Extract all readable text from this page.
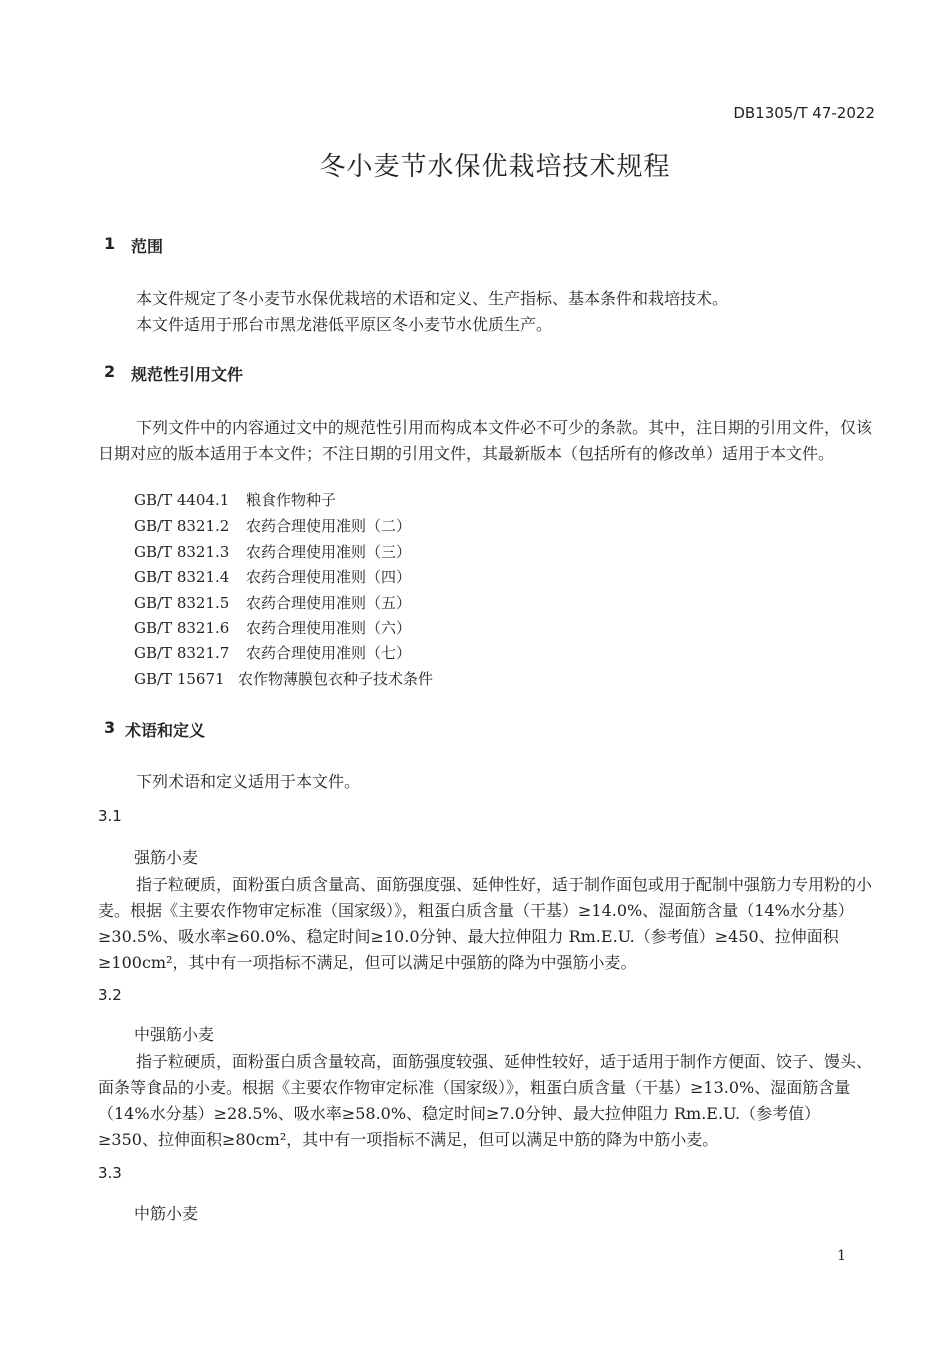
DB1305/T 47-2022
冬小麦节水保优栽培技术规程
1 范围
本文件规定了冬小麦节水保优栽培的术语和定义、生产指标、基本条件和栽培技术。
本文件适用于邢台市黑龙港低平原区冬小麦节水优质生产。
2 规范性引用文件
下列文件中的内容通过文中的规范性引用而构成本文件必不可少的条款。其中，注日期的引用文件，仅该日期对应的版本适用于本文件；不注日期的引用文件，其最新版本（包括所有的修改单）适用于本文件。
GB/T 4404.1 粮食作物种子
GB/T 8321.2 农药合理使用准则（二）
GB/T 8321.3 农药合理使用准则（三）
GB/T 8321.4 农药合理使用准则（四）
GB/T 8321.5 农药合理使用准则（五）
GB/T 8321.6 农药合理使用准则（六）
GB/T 8321.7 农药合理使用准则（七）
GB/T 15671 农作物薄膜包衣种子技术条件
3 术语和定义
下列术语和定义适用于本文件。
3.1
强筋小麦
指子粒硬质，面粉蛋白质含量高、面筋强度强、延伸性好，适于制作面包或用于配制中强筋力专用粉的小麦。根据《主要农作物审定标准（国家级）》，粗蛋白质含量（干基）≥14.0%、湿面筋含量（14%水分基）≥30.5%、吸水率≥60.0%、稳定时间≥10.0分钟、最大拉伸阻力 Rm.E.U.（参考值）≥450、拉伸面积≥100cm²，其中有一项指标不满足，但可以满足中强筋的降为中强筋小麦。
3.2
中强筋小麦
指子粒硬质，面粉蛋白质含量较高，面筋强度较强、延伸性较好，适于适用于制作方便面、饺子、馒头、面条等食品的小麦。根据《主要农作物审定标准（国家级）》，粗蛋白质含量（干基）≥13.0%、湿面筋含量（14%水分基）≥28.5%、吸水率≥58.0%、稳定时间≥7.0分钟、最大拉伸阻力 Rm.E.U.（参考值）≥350、拉伸面积≥80cm²，其中有一项指标不满足，但可以满足中筋的降为中筋小麦。
3.3
中筋小麦
1
